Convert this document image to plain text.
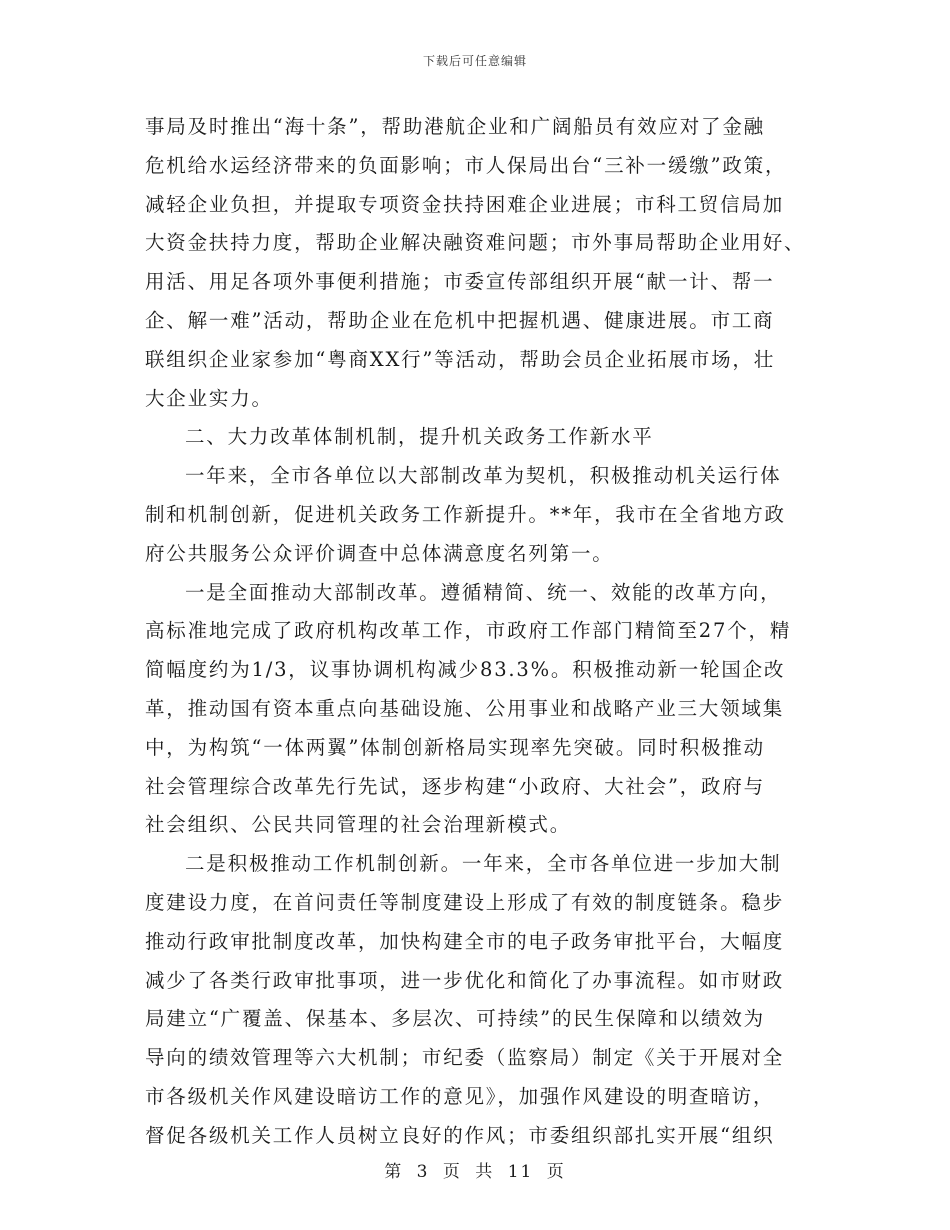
下载后可任意编辑
事局及时推出“海十条”，帮助港航企业和广阔船员有效应对了金融
危机给水运经济带来的负面影响；市人保局出台“三补一缓缴”政策，
减轻企业负担，并提取专项资金扶持困难企业进展；市科工贸信局加
大资金扶持力度，帮助企业解决融资难问题；市外事局帮助企业用好、
用活、用足各项外事便利措施；市委宣传部组织开展“献一计、帮一
企、解一难”活动，帮助企业在危机中把握机遇、健康进展。市工商
联组织企业家参加“粤商XX行”等活动，帮助会员企业拓展市场，壮
大企业实力。
二、大力改革体制机制，提升机关政务工作新水平
一年来，全市各单位以大部制改革为契机，积极推动机关运行体
制和机制创新，促进机关政务工作新提升。**年，我市在全省地方政
府公共服务公众评价调查中总体满意度名列第一。
一是全面推动大部制改革。遵循精简、统一、效能的改革方向，
高标准地完成了政府机构改革工作，市政府工作部门精简至27个，精
简幅度约为1/3，议事协调机构减少83.3%。积极推动新一轮国企改
革，推动国有资本重点向基础设施、公用事业和战略产业三大领域集
中，为构筑“一体两翼”体制创新格局实现率先突破。同时积极推动
社会管理综合改革先行先试，逐步构建“小政府、大社会”，政府与
社会组织、公民共同管理的社会治理新模式。
二是积极推动工作机制创新。一年来，全市各单位进一步加大制
度建设力度，在首问责任等制度建设上形成了有效的制度链条。稳步
推动行政审批制度改革，加快构建全市的电子政务审批平台，大幅度
减少了各类行政审批事项，进一步优化和简化了办事流程。如市财政
局建立“广覆盖、保基本、多层次、可持续”的民生保障和以绩效为
导向的绩效管理等六大机制；市纪委（监察局）制定《关于开展对全
市各级机关作风建设暗访工作的意见》，加强作风建设的明查暗访，
督促各级机关工作人员树立良好的作风；市委组织部扎实开展“组织
第 3 页 共 11 页
